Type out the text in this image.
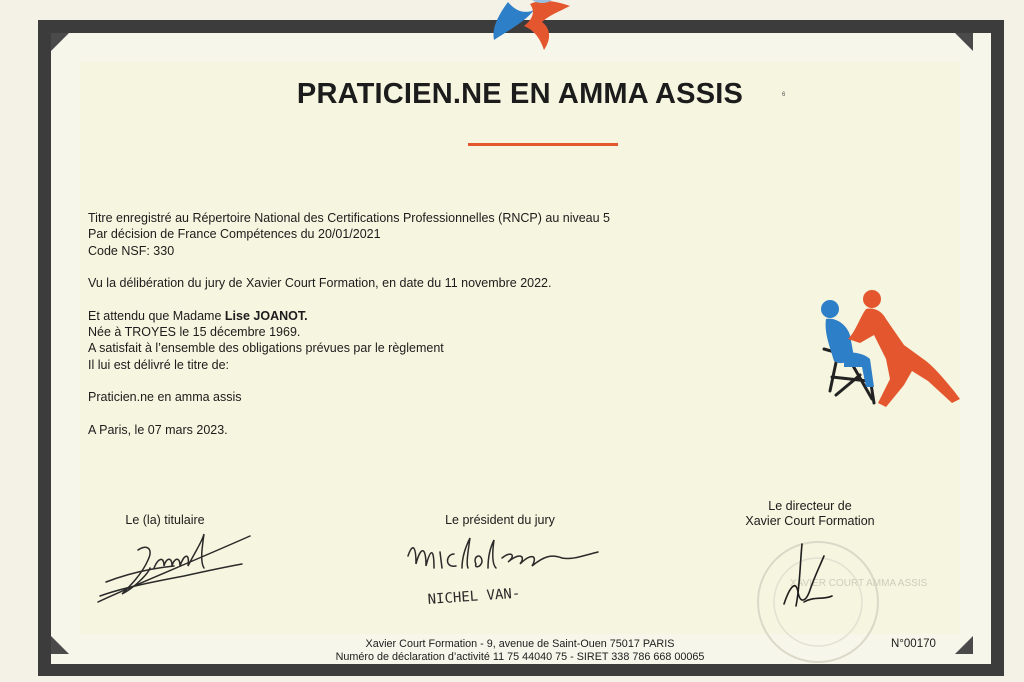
PRATICIEN.NE EN AMMA ASSIS	6

Titre enregistré au Répertoire National des Certifications Professionnelles (RNCP) au niveau 5

Par décision de France Compétences du 20/01/2021

Code NSF: 330

Vu la délibération du jury de Xavier Court Formation, en date du 11 novembre 2022.

Et attendu que Madame Lise JOANOT.

Née à TROYES le 15 décembre 1969.

A satisfait à l’ensemble des obligations prévues par le règlement

Il lui est délivré le titre de:

Praticien.ne en amma assis

A Paris, le 07 mars 2023.

Le (la) titulaire	Le président du jury
Le directeur de
Xavier Court Formation
NICHEL VAN-
XAVIER COURT AMMA ASSIS

Xavier Court Formation - 9, avenue de Saint-Ouen 75017 PARIS

Numéro de déclaration d’activité 11 75 44040 75 - SIRET 338 786 668 00065

N°00170
